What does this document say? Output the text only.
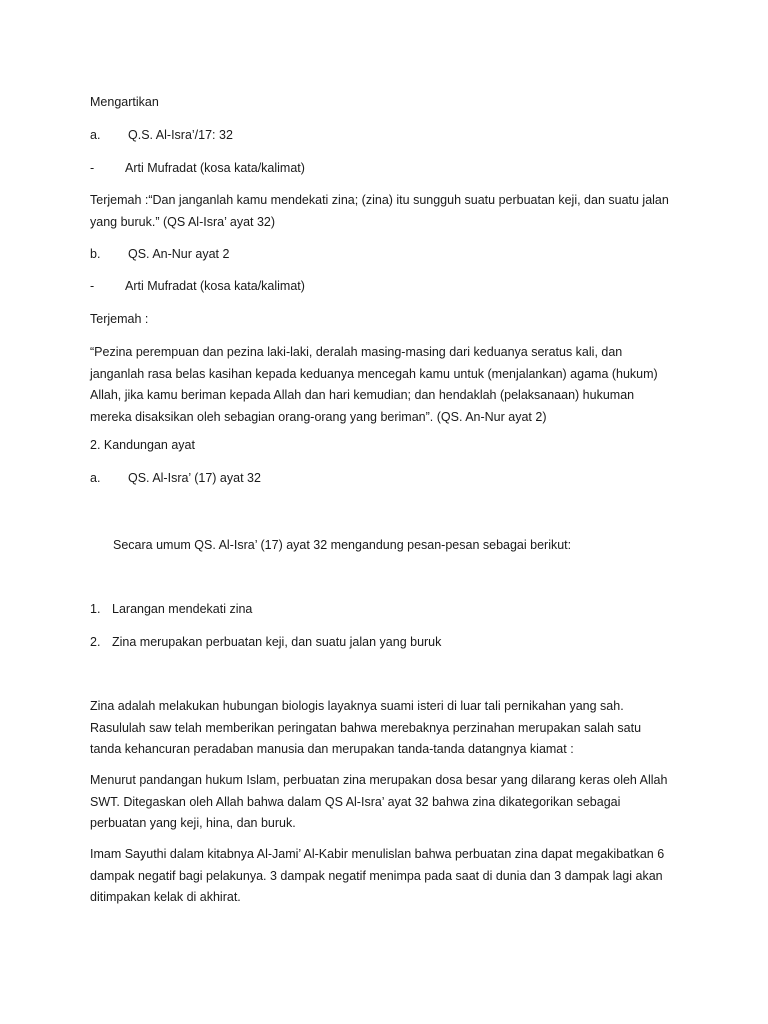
Mengartikan
a. Q.S. Al-Isra’/17: 32
- Arti Mufradat (kosa kata/kalimat)
Terjemah :“Dan janganlah kamu mendekati zina; (zina) itu sungguh suatu perbuatan keji, dan suatu jalan
yang buruk.” (QS Al-Isra’ ayat 32)
b. QS. An-Nur ayat 2
- Arti Mufradat (kosa kata/kalimat)
Terjemah :
“Pezina perempuan dan pezina laki-laki, deralah masing-masing dari keduanya seratus kali, dan
janganlah rasa belas kasihan kepada keduanya mencegah kamu untuk (menjalankan) agama (hukum)
Allah, jika kamu beriman kepada Allah dan hari kemudian; dan hendaklah (pelaksanaan) hukuman
mereka disaksikan oleh sebagian orang-orang yang beriman”. (QS. An-Nur ayat 2)
2. Kandungan ayat
a. QS. Al-Isra’ (17) ayat 32
Secara umum QS. Al-Isra’ (17) ayat 32 mengandung pesan-pesan sebagai berikut:
1. Larangan mendekati zina
2. Zina merupakan perbuatan keji, dan suatu jalan yang buruk
Zina adalah melakukan hubungan biologis layaknya suami isteri di luar tali pernikahan yang sah.
Rasululah saw telah memberikan peringatan bahwa merebaknya perzinahan merupakan salah satu
tanda kehancuran peradaban manusia dan merupakan tanda-tanda datangnya kiamat :
Menurut pandangan hukum Islam, perbuatan zina merupakan dosa besar yang dilarang keras oleh Allah
SWT. Ditegaskan oleh Allah bahwa dalam QS Al-Isra’ ayat 32 bahwa zina dikategorikan sebagai
perbuatan yang keji, hina, dan buruk.
Imam Sayuthi dalam kitabnya Al-Jami’ Al-Kabir menulislan bahwa perbuatan zina dapat megakibatkan 6
dampak negatif bagi pelakunya. 3 dampak negatif menimpa pada saat di dunia dan 3 dampak lagi akan
ditimpakan kelak di akhirat.
